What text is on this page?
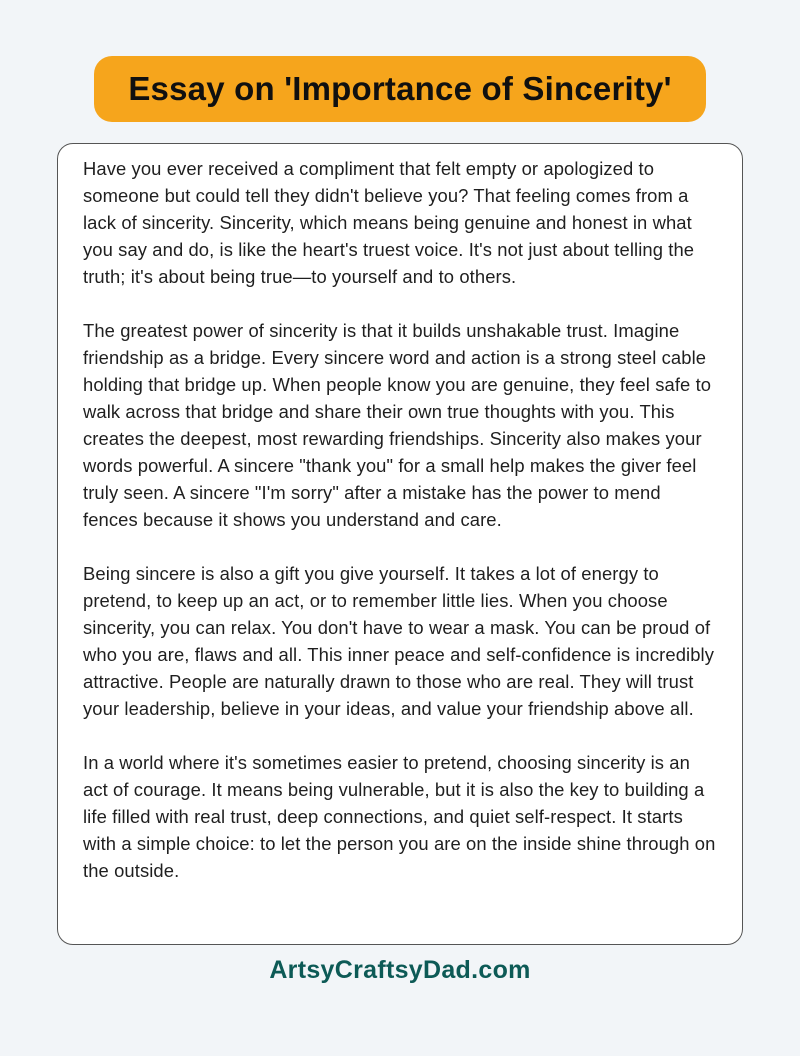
Essay on 'Importance of Sincerity'

Have you ever received a compliment that felt empty or apologized to someone but could tell they didn't believe you? That feeling comes from a lack of sincerity. Sincerity, which means being genuine and honest in what you say and do, is like the heart's truest voice. It's not just about telling the truth; it's about being true—to yourself and to others.

The greatest power of sincerity is that it builds unshakable trust. Imagine friendship as a bridge. Every sincere word and action is a strong steel cable holding that bridge up. When people know you are genuine, they feel safe to walk across that bridge and share their own true thoughts with you. This creates the deepest, most rewarding friendships. Sincerity also makes your words powerful. A sincere "thank you" for a small help makes the giver feel truly seen. A sincere "I'm sorry" after a mistake has the power to mend fences because it shows you understand and care.

Being sincere is also a gift you give yourself. It takes a lot of energy to pretend, to keep up an act, or to remember little lies. When you choose sincerity, you can relax. You don't have to wear a mask. You can be proud of who you are, flaws and all. This inner peace and self-confidence is incredibly attractive. People are naturally drawn to those who are real. They will trust your leadership, believe in your ideas, and value your friendship above all.

In a world where it's sometimes easier to pretend, choosing sincerity is an act of courage. It means being vulnerable, but it is also the key to building a life filled with real trust, deep connections, and quiet self-respect. It starts with a simple choice: to let the person you are on the inside shine through on the outside.

ArtsyCraftsyDad.com
